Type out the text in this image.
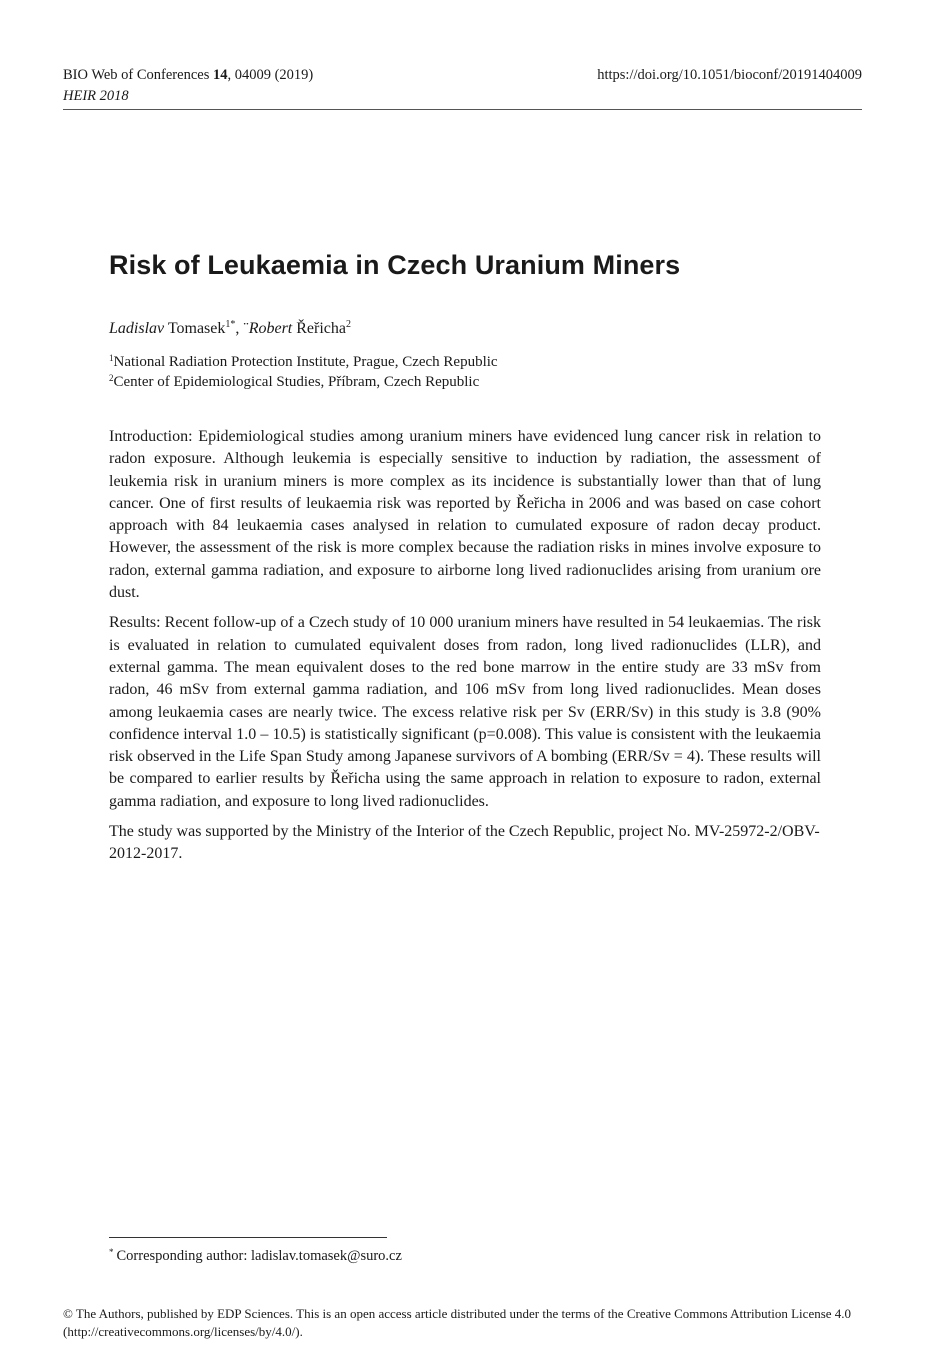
BIO Web of Conferences 14, 04009 (2019)
HEIR 2018
https://doi.org/10.1051/bioconf/20191404009
Risk of Leukaemia in Czech Uranium Miners
Ladislav Tomasek$^{1*}$, ¨Robert Řeřicha$^2$
$^1$National Radiation Protection Institute, Prague, Czech Republic
$^2$Center of Epidemiological Studies, Příbram, Czech Republic

Introduction: Epidemiological studies among uranium miners have evidenced lung cancer risk in relation to radon exposure. Although leukemia is especially sensitive to induction by radiation, the assessment of leukemia risk in uranium miners is more complex as its incidence is substantially lower than that of lung cancer. One of first results of leukaemia risk was reported by Řeřicha in 2006 and was based on case cohort approach with 84 leukaemia cases analysed in relation to cumulated exposure of radon decay product. However, the assessment of the risk is more complex because the radiation risks in mines involve exposure to radon, external gamma radiation, and exposure to airborne long lived radionuclides arising from uranium ore dust.

Results: Recent follow-up of a Czech study of 10 000 uranium miners have resulted in 54 leukaemias. The risk is evaluated in relation to cumulated equivalent doses from radon, long lived radionuclides (LLR), and external gamma. The mean equivalent doses to the red bone marrow in the entire study are 33 mSv from radon, 46 mSv from external gamma radiation, and 106 mSv from long lived radionuclides. Mean doses among leukaemia cases are nearly twice. The excess relative risk per Sv (ERR/Sv) in this study is 3.8 (90% confidence interval 1.0 – 10.5) is statistically significant (p=0.008). This value is consistent with the leukaemia risk observed in the Life Span Study among Japanese survivors of A bombing (ERR/Sv = 4). These results will be compared to earlier results by Řeřicha using the same approach in relation to exposure to radon, external gamma radiation, and exposure to long lived radionuclides.

The study was supported by the Ministry of the Interior of the Czech Republic, project No. MV-25972-2/OBV-2012-2017.

* Corresponding author: ladislav.tomasek@suro.cz
© The Authors, published by EDP Sciences. This is an open access article distributed under the terms of the Creative Commons Attribution License 4.0 (http://creativecommons.org/licenses/by/4.0/).
